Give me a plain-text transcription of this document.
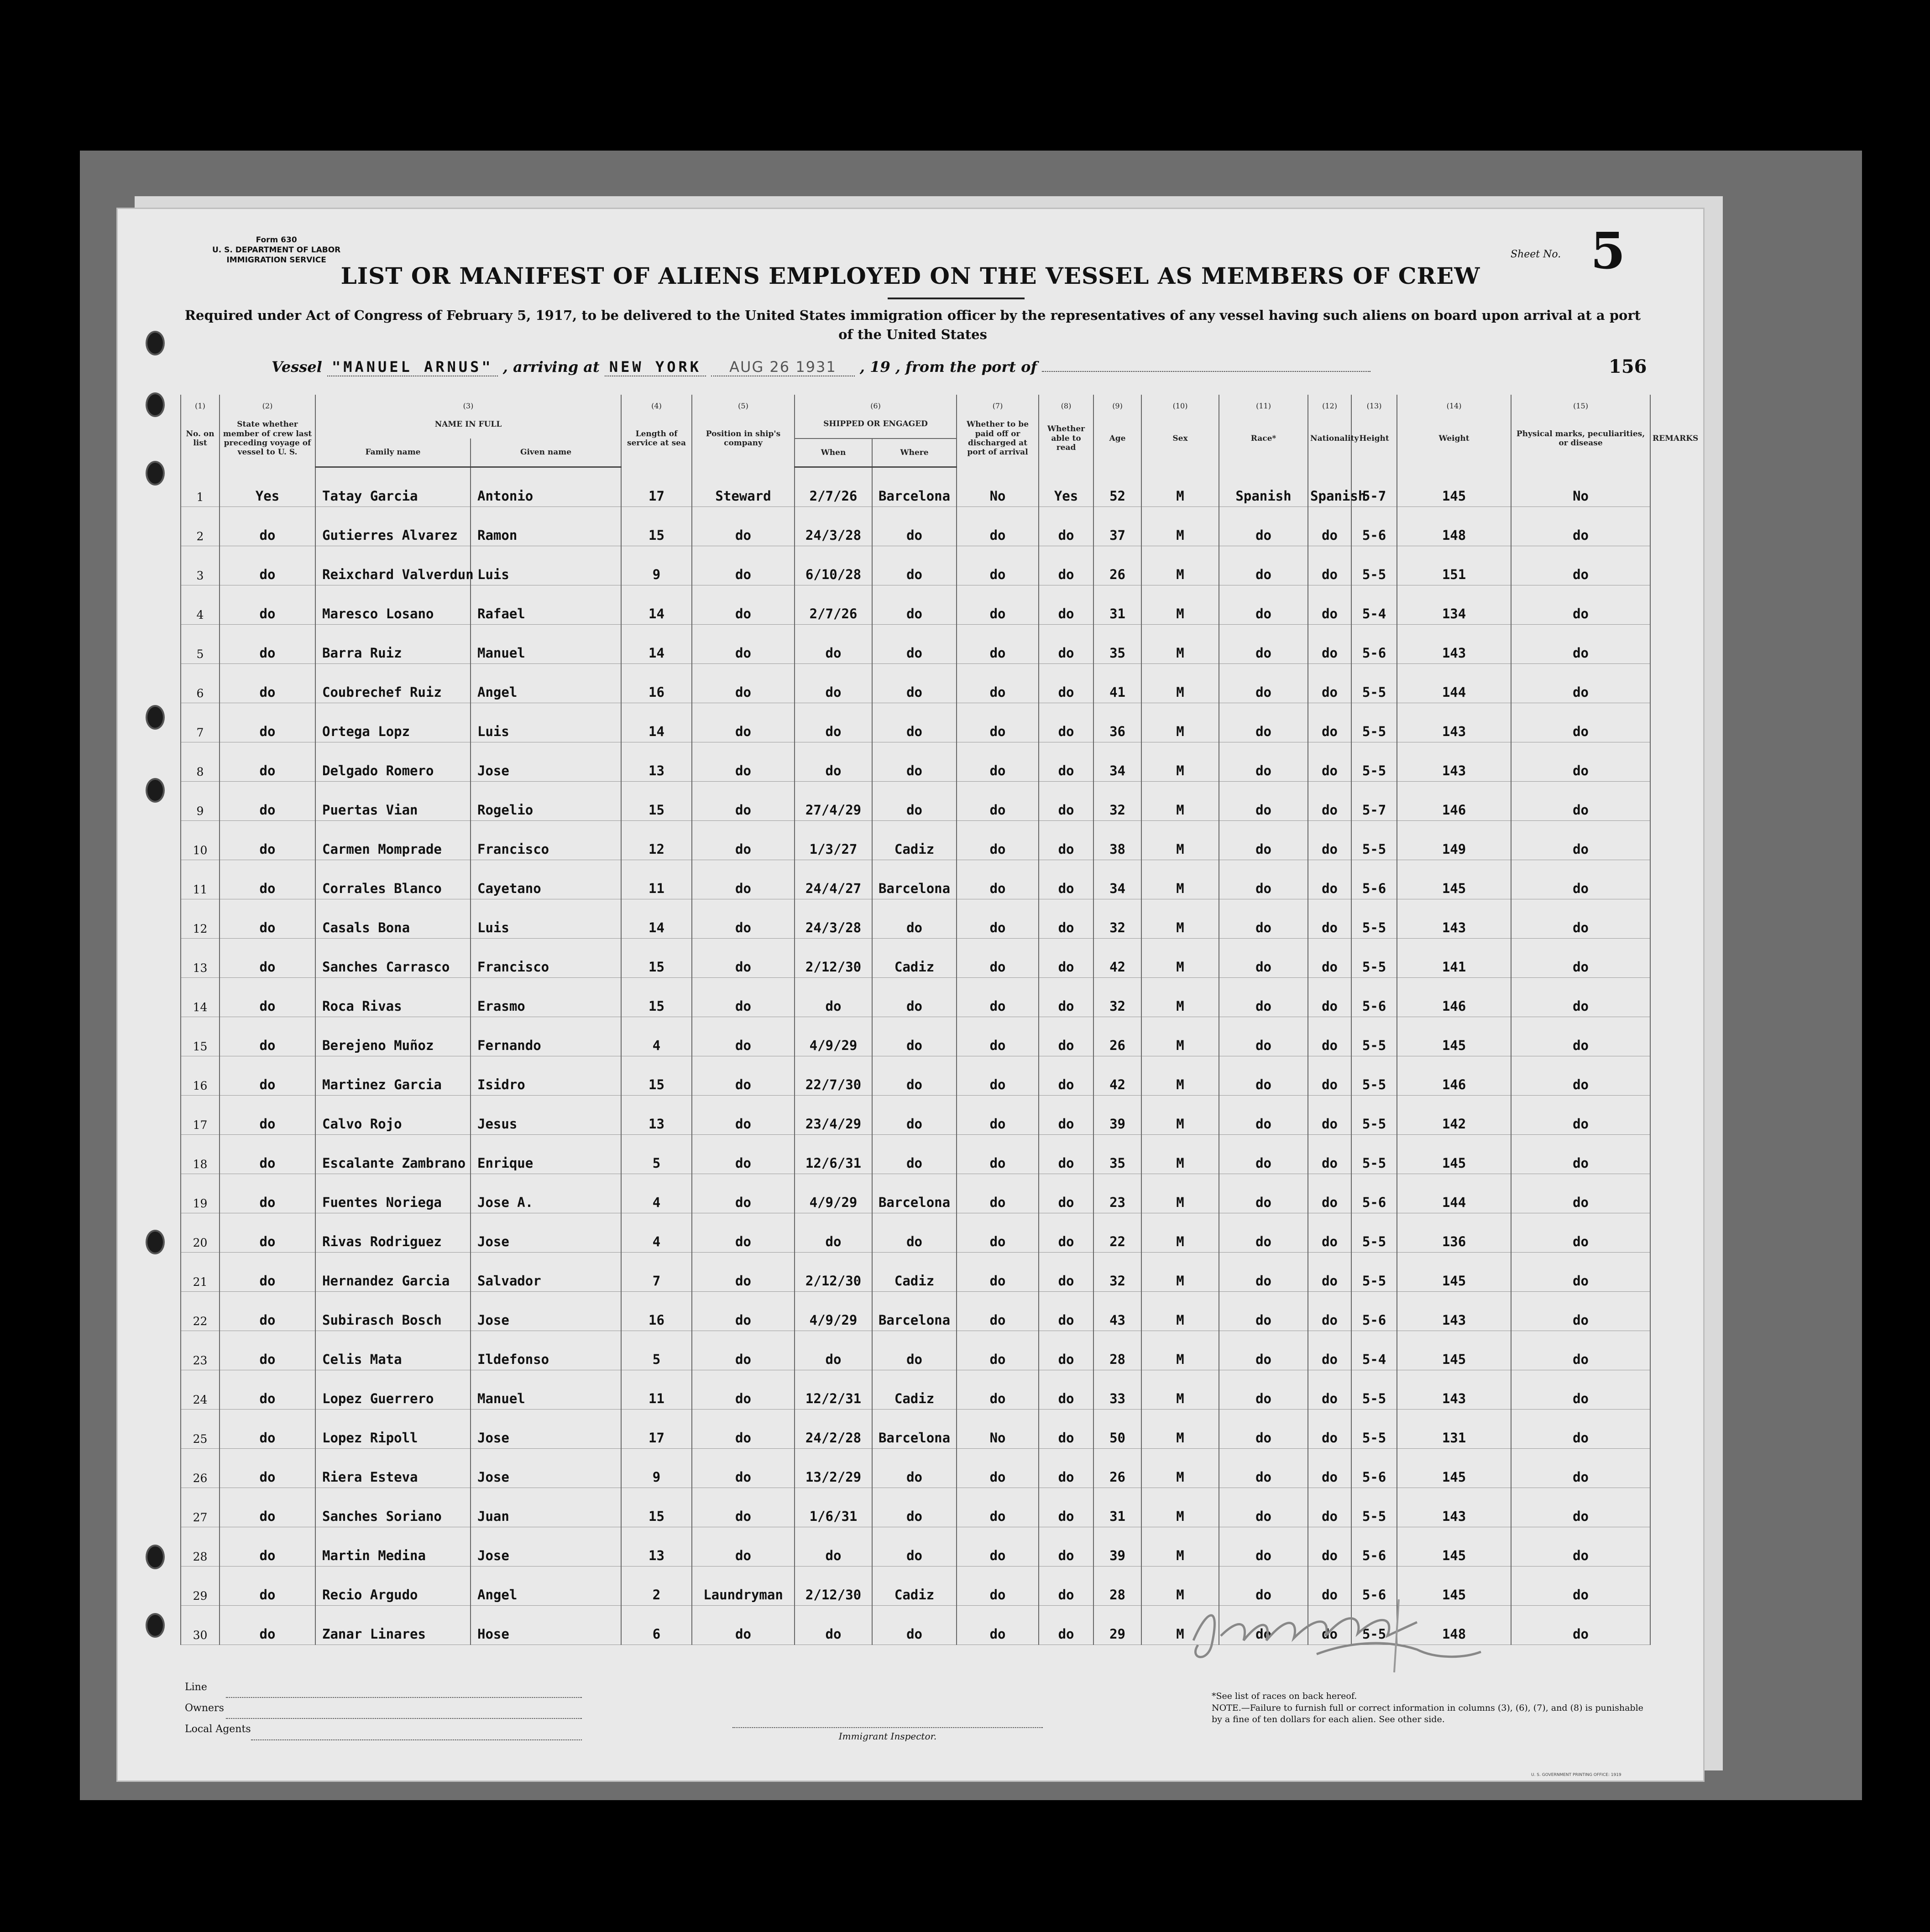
Form 630
U. S. DEPARTMENT OF LABOR
IMMIGRATION SERVICE
Sheet No. 5
LIST OR MANIFEST OF ALIENS EMPLOYED ON THE VESSEL AS MEMBERS OF CREW
Required under Act of Congress of February 5, 1917, to be delivered to the United States immigration officer by the representatives of any vessel having such aliens on board upon arrival at a port of the United States
Vessel "MANUEL ARNUS" , arriving at NEW YORK AUG 26 1931 , 19 , from the port of	156
(1)	(2)	(3)		(4)	(5)	(6)		(7)	(8)	(9)	(10)	(11)	(12)	(13)	(14)	(15)	
No. on list	State whether member of crew last preceding voyage of vessel to U. S.	NAME IN FULL		Length of service at sea	Position in ship's company	SHIPPED OR ENGAGED		Whether to be paid off or discharged at port of arrival	Whether able to read	Age	Sex	Race*	Nationality	Height	Weight	Physical marks, peculiarities, or disease	REMARKS
		Family name	Given name			When	Where										
1	Yes	Tatay Garcia	Antonio	17	Steward	2/7/26	Barcelona	No	Yes	52	M	Spanish	Spanish	5-7	145	No	
2	do	Gutierres Alvarez	Ramon	15	do	24/3/28	do	do	do	37	M	do	do	5-6	148	do	
3	do	Reixchard Valverdun	Luis	9	do	6/10/28	do	do	do	26	M	do	do	5-5	151	do	
4	do	Maresco Losano	Rafael	14	do	2/7/26	do	do	do	31	M	do	do	5-4	134	do	
5	do	Barra Ruiz	Manuel	14	do	do	do	do	do	35	M	do	do	5-6	143	do	
6	do	Coubrechef Ruiz	Angel	16	do	do	do	do	do	41	M	do	do	5-5	144	do	
7	do	Ortega Lopz	Luis	14	do	do	do	do	do	36	M	do	do	5-5	143	do	
8	do	Delgado Romero	Jose	13	do	do	do	do	do	34	M	do	do	5-5	143	do	
9	do	Puertas Vian	Rogelio	15	do	27/4/29	do	do	do	32	M	do	do	5-7	146	do	
10	do	Carmen Momprade	Francisco	12	do	1/3/27	Cadiz	do	do	38	M	do	do	5-5	149	do	
11	do	Corrales Blanco	Cayetano	11	do	24/4/27	Barcelona	do	do	34	M	do	do	5-6	145	do	
12	do	Casals Bona	Luis	14	do	24/3/28	do	do	do	32	M	do	do	5-5	143	do	
13	do	Sanches Carrasco	Francisco	15	do	2/12/30	Cadiz	do	do	42	M	do	do	5-5	141	do	
14	do	Roca Rivas	Erasmo	15	do	do	do	do	do	32	M	do	do	5-6	146	do	
15	do	Berejeno Muñoz	Fernando	4	do	4/9/29	do	do	do	26	M	do	do	5-5	145	do	
16	do	Martinez Garcia	Isidro	15	do	22/7/30	do	do	do	42	M	do	do	5-5	146	do	
17	do	Calvo Rojo	Jesus	13	do	23/4/29	do	do	do	39	M	do	do	5-5	142	do	
18	do	Escalante Zambrano	Enrique	5	do	12/6/31	do	do	do	35	M	do	do	5-5	145	do	
19	do	Fuentes Noriega	Jose A.	4	do	4/9/29	Barcelona	do	do	23	M	do	do	5-6	144	do	
20	do	Rivas Rodriguez	Jose	4	do	do	do	do	do	22	M	do	do	5-5	136	do	
21	do	Hernandez Garcia	Salvador	7	do	2/12/30	Cadiz	do	do	32	M	do	do	5-5	145	do	
22	do	Subirasch Bosch	Jose	16	do	4/9/29	Barcelona	do	do	43	M	do	do	5-6	143	do	
23	do	Celis Mata	Ildefonso	5	do	do	do	do	do	28	M	do	do	5-4	145	do	
24	do	Lopez Guerrero	Manuel	11	do	12/2/31	Cadiz	do	do	33	M	do	do	5-5	143	do	
25	do	Lopez Ripoll	Jose	17	do	24/2/28	Barcelona	No	do	50	M	do	do	5-5	131	do	
26	do	Riera Esteva	Jose	9	do	13/2/29	do	do	do	26	M	do	do	5-6	145	do	
27	do	Sanches Soriano	Juan	15	do	1/6/31	do	do	do	31	M	do	do	5-5	143	do	
28	do	Martin Medina	Jose	13	do	do	do	do	do	39	M	do	do	5-6	145	do	
29	do	Recio Argudo	Angel	2	Laundryman	2/12/30	Cadiz	do	do	28	M	do	do	5-6	145	do	
30	do	Zanar Linares	Hose	6	do	do	do	do	do	29	M	do	do	5-5	148	do	
Line
Owners
Local Agents
Immigrant Inspector.
*See list of races on back hereof.
NOTE.—Failure to furnish full or correct information in columns (3), (6), (7), and (8) is punishable by a fine of ten dollars for each alien. See other side.
U. S. GOVERNMENT PRINTING OFFICE: 1919
